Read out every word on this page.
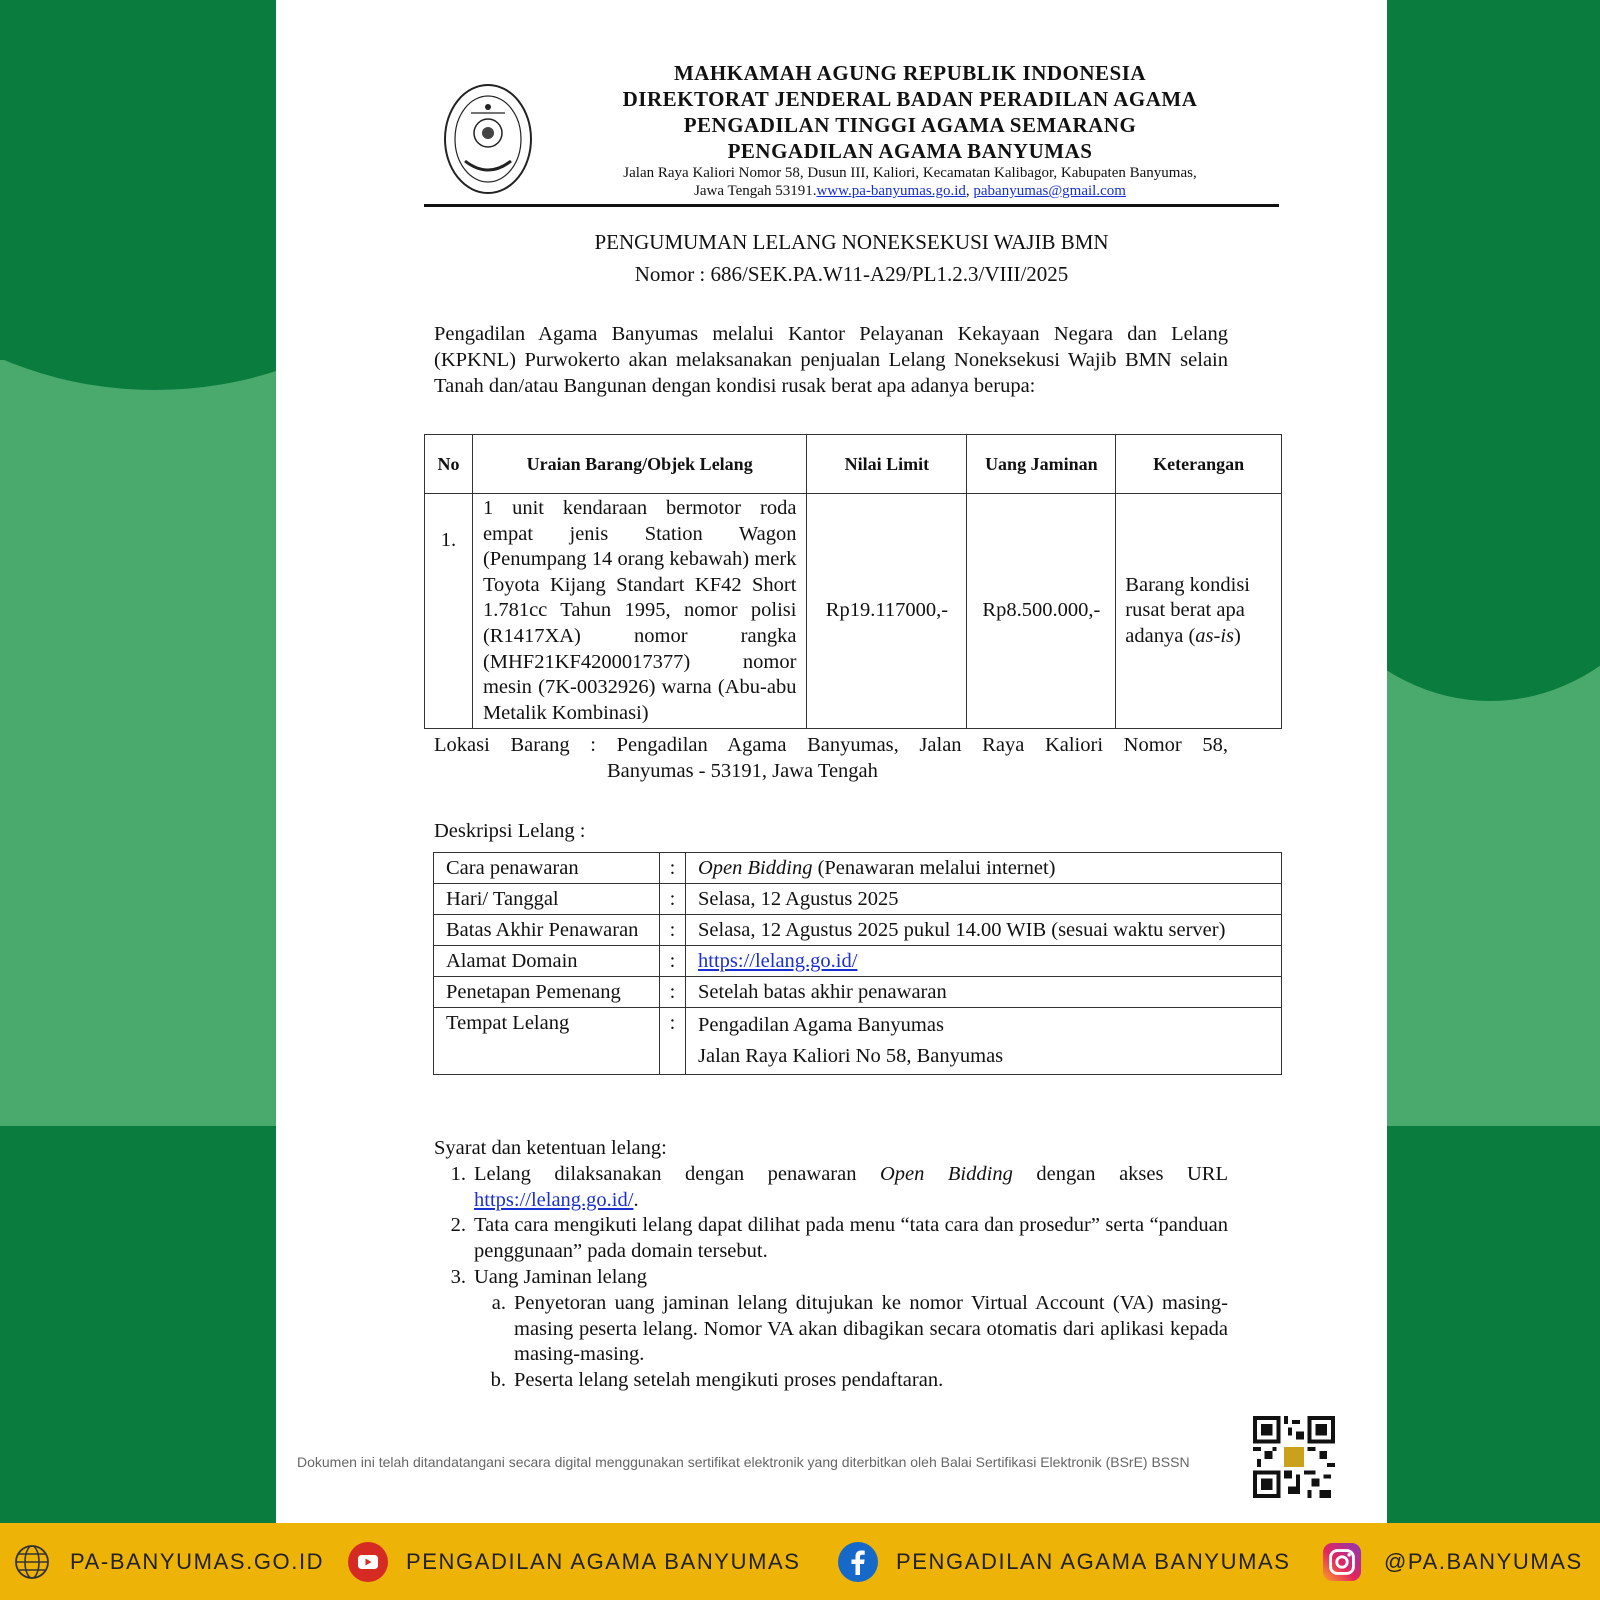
MAHKAMAH AGUNG REPUBLIK INDONESIA
DIREKTORAT JENDERAL BADAN PERADILAN AGAMA
PENGADILAN TINGGI AGAMA SEMARANG
PENGADILAN AGAMA BANYUMAS
Jalan Raya Kaliori Nomor 58, Dusun III, Kaliori, Kecamatan Kalibagor, Kabupaten Banyumas,
Jawa Tengah 53191.www.pa-banyumas.go.id, pabanyumas@gmail.com
PENGUMUMAN LELANG NONEKSEKUSI WAJIB BMN
Nomor : 686/SEK.PA.W11-A29/PL1.2.3/VIII/2025
Pengadilan Agama Banyumas melalui Kantor Pelayanan Kekayaan Negara dan Lelang (KPKNL) Purwokerto akan melaksanakan penjualan Lelang Noneksekusi Wajib BMN selain Tanah dan/atau Bangunan dengan kondisi rusak berat apa adanya berupa:
No	Uraian Barang/Objek Lelang	Nilai Limit	Uang Jaminan	Keterangan
1.	1 unit kendaraan bermotor roda empat jenis Station Wagon (Penumpang 14 orang kebawah) merk Toyota Kijang Standart KF42 Short 1.781cc Tahun 1995, nomor polisi (R1417XA) nomor rangka (MHF21KF4200017377) nomor mesin (7K-0032926) warna (Abu-abu Metalik Kombinasi)	Rp19.117000,-	Rp8.500.000,-	Barang kondisi rusat berat apa adanya (as-is)
Lokasi Barang : Pengadilan Agama Banyumas, Jalan Raya Kaliori Nomor 58,
Banyumas - 53191, Jawa Tengah
Deskripsi Lelang :
Cara penawaran	:	Open Bidding (Penawaran melalui internet)
Hari/ Tanggal	:	Selasa, 12 Agustus 2025
Batas Akhir Penawaran	:	Selasa, 12 Agustus 2025 pukul 14.00 WIB (sesuai waktu server)
Alamat Domain	:	https://lelang.go.id/
Penetapan Pemenang	:	Setelah batas akhir penawaran
Tempat Lelang	:	Pengadilan Agama Banyumas
Jalan Raya Kaliori No 58, Banyumas
Syarat dan ketentuan lelang:
1. Lelang dilaksanakan dengan penawaran Open Bidding dengan akses URL https://lelang.go.id/.
2. Tata cara mengikuti lelang dapat dilihat pada menu “tata cara dan prosedur” serta “panduan penggunaan” pada domain tersebut.
3. Uang Jaminan lelang
a. Penyetoran uang jaminan lelang ditujukan ke nomor Virtual Account (VA) masing-masing peserta lelang. Nomor VA akan dibagikan secara otomatis dari aplikasi kepada masing-masing.
b. Peserta lelang setelah mengikuti proses pendaftaran.
Dokumen ini telah ditandatangani secara digital menggunakan sertifikat elektronik yang diterbitkan oleh Balai Sertifikasi Elektronik (BSrE) BSSN
PA-BANYUMAS.GO.ID	PENGADILAN AGAMA BANYUMAS	PENGADILAN AGAMA BANYUMAS	@PA.BANYUMAS
